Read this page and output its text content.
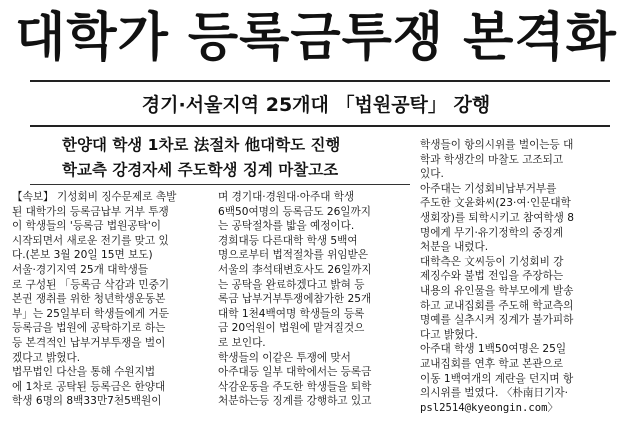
대학가 등록금투쟁 본격화
경기·서울지역 25개대 「법원공탁」 강행
한양대 학생 1차로 法절차 他대학도 진행
학교측 강경자세 주도학생 징계 마찰고조

【속보】 기성회비 징수문제로 촉발

된 대학가의 등록금납부 거부 투쟁

이 학생들의 '등록금 법원공탁'이

시작되면서 새로운 전기를 맞고 있

다.(본보 3월 20일 15면 보도)

서울·경기지역 25개 대학생들

로 구성된 「등록금 삭감과 민중기

본권 쟁취를 위한 청년학생운동본

부」는 25일부터 학생들에게 거둔

등록금을 법원에 공탁하기로 하는

등 본격적인 납부거부투쟁을 벌이

겠다고 밝혔다.

법무법인 다산을 통해 수원지법

에 1차로 공탁된 등록금은 한양대

학생 6명의 8백33만7천5백원이

며 경기대·경원대·아주대 학생

6백50여명의 등록금도 26일까지

는 공탁절차를 밟을 예정이다.

경희대등 다른대학 학생 5백여

명으로부터 법적절차를 위임받은

서울의 李석태변호사도 26일까지

는 공탁을 완료하겠다고 밝혀 등

록금 납부거부투쟁에참가한 25개

대학 1천4백여명 학생들의 등록

금 20억원이 법원에 맡겨질것으

로 보인다.

학생들의 이같은 투쟁에 맞서

아주대등 일부 대학에서는 등록금

삭감운동을 주도한 학생들을 퇴학

처분하는등 징계를 강행하고 있고

학생들이 항의시위를 벌이는등 대

학과 학생간의 마찰도 고조되고

있다.

아주대는 기성회비납부거부를

주도한 文윤화씨(23·여·인문대학

생회장)를 퇴학시키고 참여학생 8

명에게 무기·유기정학의 중징계

처분을 내렸다.

대학측은 文씨등이 기성회비 강

제징수와 불법 전입을 주장하는

내용의 유인물을 학부모에게 발송

하고 교내집회를 주도해 학교측의

명예를 실추시켜 징계가 불가피하

다고 밝혔다.

아주대 학생 1백50여명은 25일

교내집회를 연후 학교 본관으로

이동 1백여개의 계란을 던지며 항

의시위를 벌였다. 〈朴南日기자·

psl2514@kyeongin.com〉
